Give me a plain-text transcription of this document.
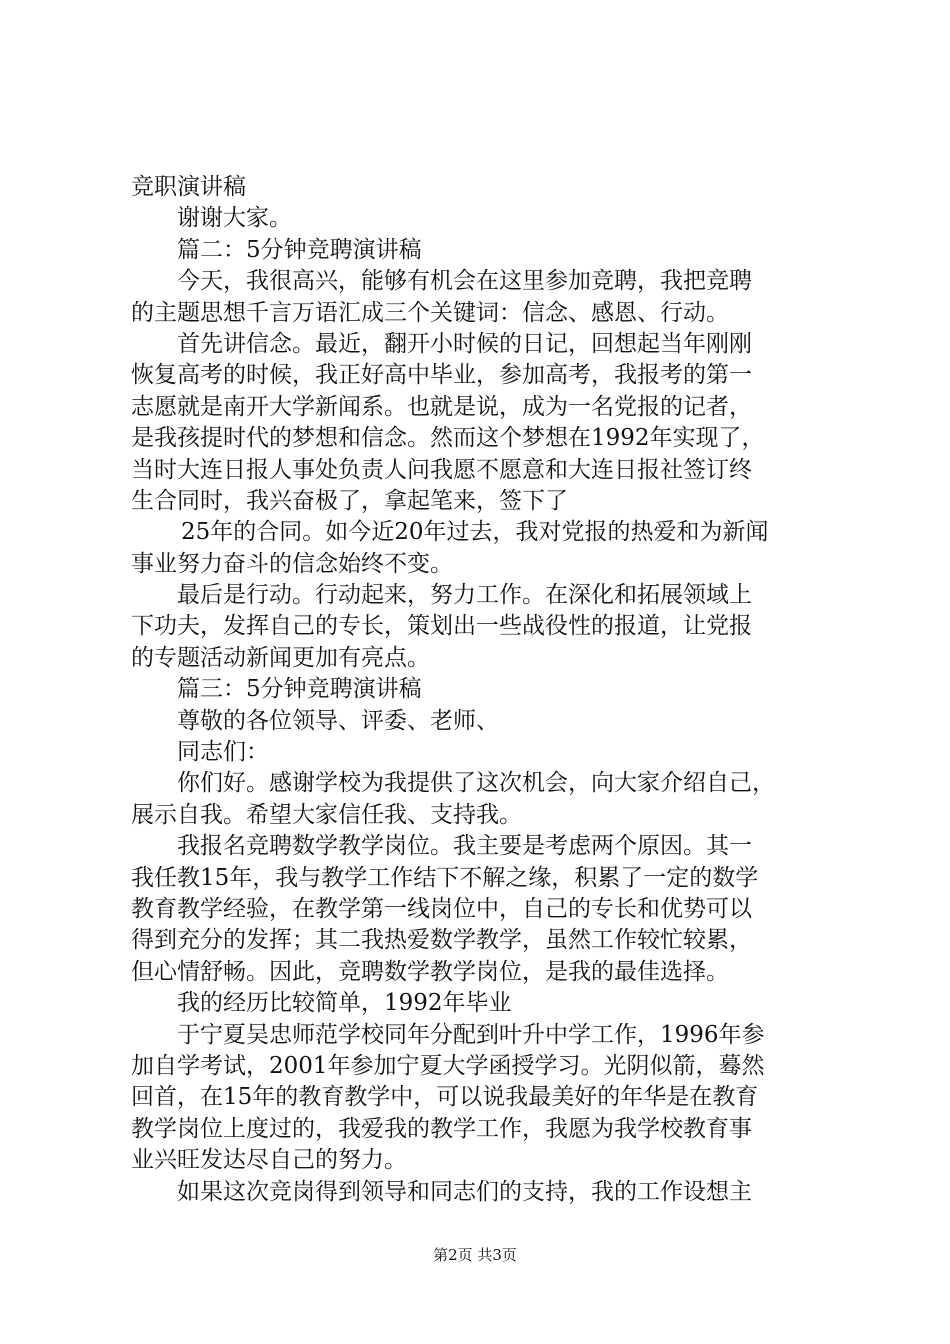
竞职演讲稿
谢谢大家。
篇二：5分钟竞聘演讲稿
今天，我很高兴，能够有机会在这里参加竞聘，我把竞聘
的主题思想千言万语汇成三个关键词：信念、感恩、行动。
首先讲信念。最近，翻开小时候的日记，回想起当年刚刚
恢复高考的时候，我正好高中毕业，参加高考，我报考的第一
志愿就是南开大学新闻系。也就是说，成为一名党报的记者，
是我孩提时代的梦想和信念。然而这个梦想在1992年实现了，
当时大连日报人事处负责人问我愿不愿意和大连日报社签订终
生合同时，我兴奋极了，拿起笔来，签下了
25年的合同。如今近20年过去，我对党报的热爱和为新闻
事业努力奋斗的信念始终不变。
最后是行动。行动起来，努力工作。在深化和拓展领域上
下功夫，发挥自己的专长，策划出一些战役性的报道，让党报
的专题活动新闻更加有亮点。
篇三：5分钟竞聘演讲稿
尊敬的各位领导、评委、老师、
同志们：
你们好。感谢学校为我提供了这次机会，向大家介绍自己，
展示自我。希望大家信任我、支持我。
我报名竞聘数学教学岗位。我主要是考虑两个原因。其一
我任教15年，我与教学工作结下不解之缘，积累了一定的数学
教育教学经验，在教学第一线岗位中，自己的专长和优势可以
得到充分的发挥；其二我热爱数学教学，虽然工作较忙较累，
但心情舒畅。因此，竞聘数学教学岗位，是我的最佳选择。
我的经历比较简单，1992年毕业
于宁夏吴忠师范学校同年分配到叶升中学工作，1996年参
加自学考试，2001年参加宁夏大学函授学习。光阴似箭，蓦然
回首，在15年的教育教学中，可以说我最美好的年华是在教育
教学岗位上度过的，我爱我的教学工作，我愿为我学校教育事
业兴旺发达尽自己的努力。
如果这次竞岗得到领导和同志们的支持，我的工作设想主
第2页 共3页
